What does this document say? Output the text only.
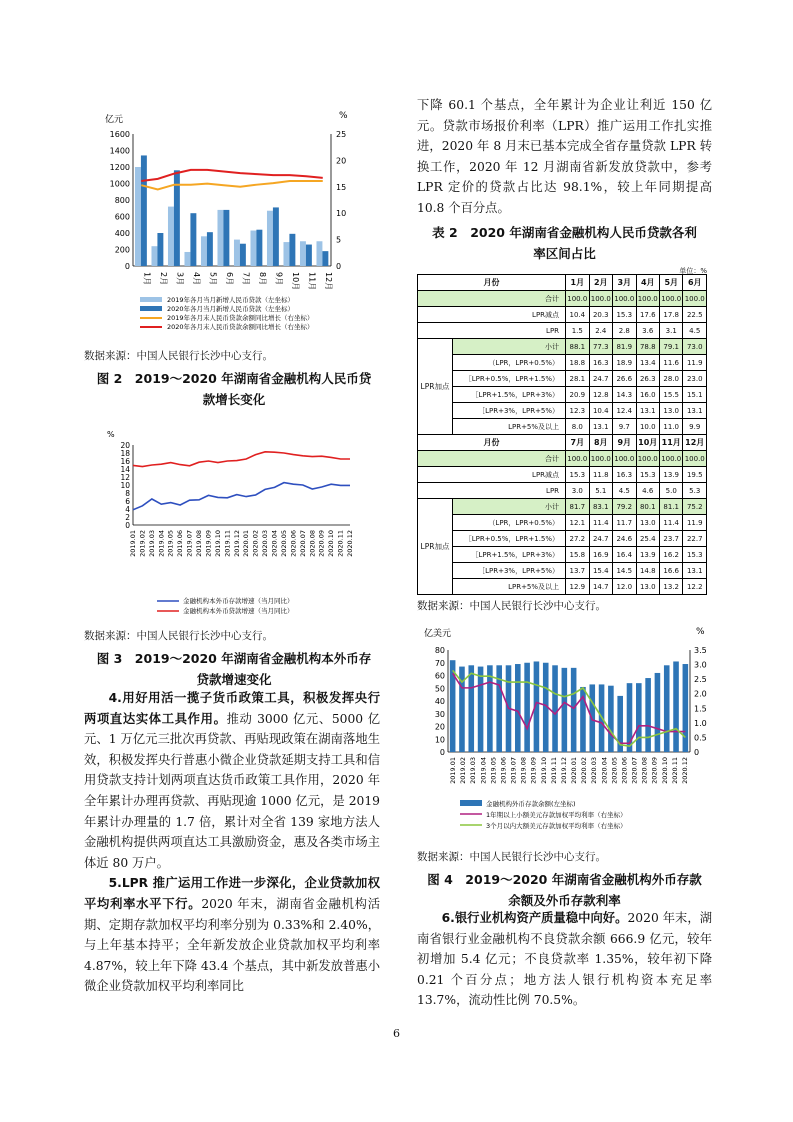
亿元	%
0
200
400
600
800
1000
1200
1400
1600
0
5
10
15
20
25
1月 2月 3月 4月 5月 6月 7月 8月 9月 10月 11月 12月
2019年各月当月新增人民币贷款（左坐标）
2020年各月当月新增人民币贷款（左坐标）
2019年各月末人民币贷款余额同比增长（右坐标）
2020年各月末人民币贷款余额同比增长（右坐标）
数据来源：中国人民银行长沙中心支行。
图 2　2019～2020 年湖南省金融机构人民币贷
款增长变化
%
0
2
4
6
8
10
12
14
16
18
20
2019.01 2019.02 2019.03 2019.04 2019.05 2019.06 2019.07 2019.08 2019.09 2019.10 2019.11 2019.12 2020.01 2020.02 2020.03 2020.04 2020.05 2020.06 2020.07 2020.08 2020.09 2020.10 2020.11 2020.12
金融机构本外币存款增速（当月同比）
金融机构本外币贷款增速（当月同比）
数据来源：中国人民银行长沙中心支行。
图 3　2019～2020 年湖南省金融机构本外币存
贷款增速变化

4.用好用活一揽子货币政策工具，积极发挥央行两项直达实体工具作用。推动 3000 亿元、5000 亿元、1 万亿元三批次再贷款、再贴现政策在湖南落地生效，积极发挥央行普惠小微企业贷款延期支持工具和信用贷款支持计划两项直达货币政策工具作用，2020 年全年累计办理再贷款、再贴现逾 1000 亿元，是 2019 年累计办理量的 1.7 倍，累计对全省 139 家地方法人金融机构提供两项直达工具激励资金，惠及各类市场主体近 80 万户。

5.LPR 推广运用工作进一步深化，企业贷款加权平均利率水平下行。2020 年末，湖南省金融机构活期、定期存款加权平均利率分别为 0.33%和 2.40%，与上年基本持平；全年新发放企业贷款加权平均利率 4.87%，较上年下降 43.4 个基点，其中新发放普惠小微企业贷款加权平均利率同比

下降 60.1 个基点，全年累计为企业让利近 150 亿元。贷款市场报价利率（LPR）推广运用工作扎实推进，2020 年 8 月末已基本完成全省存量贷款 LPR 转换工作，2020 年 12 月湖南省新发放贷款中，参考 LPR 定价的贷款占比达 98.1%，较上年同期提高 10.8 个百分点。

表 2　2020 年湖南省金融机构人民币贷款各利
率区间占比
单位：%
月份		1月	2月	3月	4月	5月	6月
合计		100.0	100.0	100.0	100.0	100.0	100.0
LPR减点		10.4	20.3	15.3	17.6	17.8	22.5
LPR		1.5	2.4	2.8	3.6	3.1	4.5
LPR加点	小计	88.1	77.3	81.9	78.8	79.1	73.0
	（LPR，LPR+0.5%）	18.8	16.3	18.9	13.4	11.6	11.9
	［LPR+0.5%，LPR+1.5%）	28.1	24.7	26.6	26.3	28.0	23.0
	［LPR+1.5%，LPR+3%）	20.9	12.8	14.3	16.0	15.5	15.1
	［LPR+3%，LPR+5%）	12.3	10.4	12.4	13.1	13.0	13.1
	LPR+5%及以上	8.0	13.1	9.7	10.0	11.0	9.9
月份		7月	8月	9月	10月	11月	12月
合计		100.0	100.0	100.0	100.0	100.0	100.0
LPR减点		15.3	11.8	16.3	15.3	13.9	19.5
LPR		3.0	5.1	4.5	4.6	5.0	5.3
LPR加点	小计	81.7	83.1	79.2	80.1	81.1	75.2
	（LPR，LPR+0.5%）	12.1	11.4	11.7	13.0	11.4	11.9
	［LPR+0.5%，LPR+1.5%）	27.2	24.7	24.6	25.4	23.7	22.7
	［LPR+1.5%，LPR+3%）	15.8	16.9	16.4	13.9	16.2	15.3
	［LPR+3%，LPR+5%）	13.7	15.4	14.5	14.8	16.6	13.1
	LPR+5%及以上	12.9	14.7	12.0	13.0	13.2	12.2
数据来源：中国人民银行长沙中心支行。
亿美元	%
0
10
20
30
40
50
60
70
80
0
0.5
1.0
1.5
2.0
2.5
3.0
3.5
2019.01 2019.02 2019.03 2019.04 2019.05 2019.06 2019.07 2019.08 2019.09 2019.10 2019.11 2019.12 2020.01 2020.02 2020.03 2020.04 2020.05 2020.06 2020.07 2020.08 2020.09 2020.10 2020.11 2020.12
金融机构外币存款余额(左坐标)
1年期以上小额美元存款加权平均利率（右坐标）
3个月以内大额美元存款加权平均利率（右坐标）
数据来源：中国人民银行长沙中心支行。
图 4　2019～2020 年湖南省金融机构外币存款
余额及外币存款利率

6.银行业机构资产质量稳中向好。2020 年末，湖南省银行业金融机构不良贷款余额 666.9 亿元，较年初增加 5.4 亿元；不良贷款率 1.35%，较年初下降 0.21 个百分点；地方法人银行机构资本充足率 13.7%，流动性比例 70.5%。

6
